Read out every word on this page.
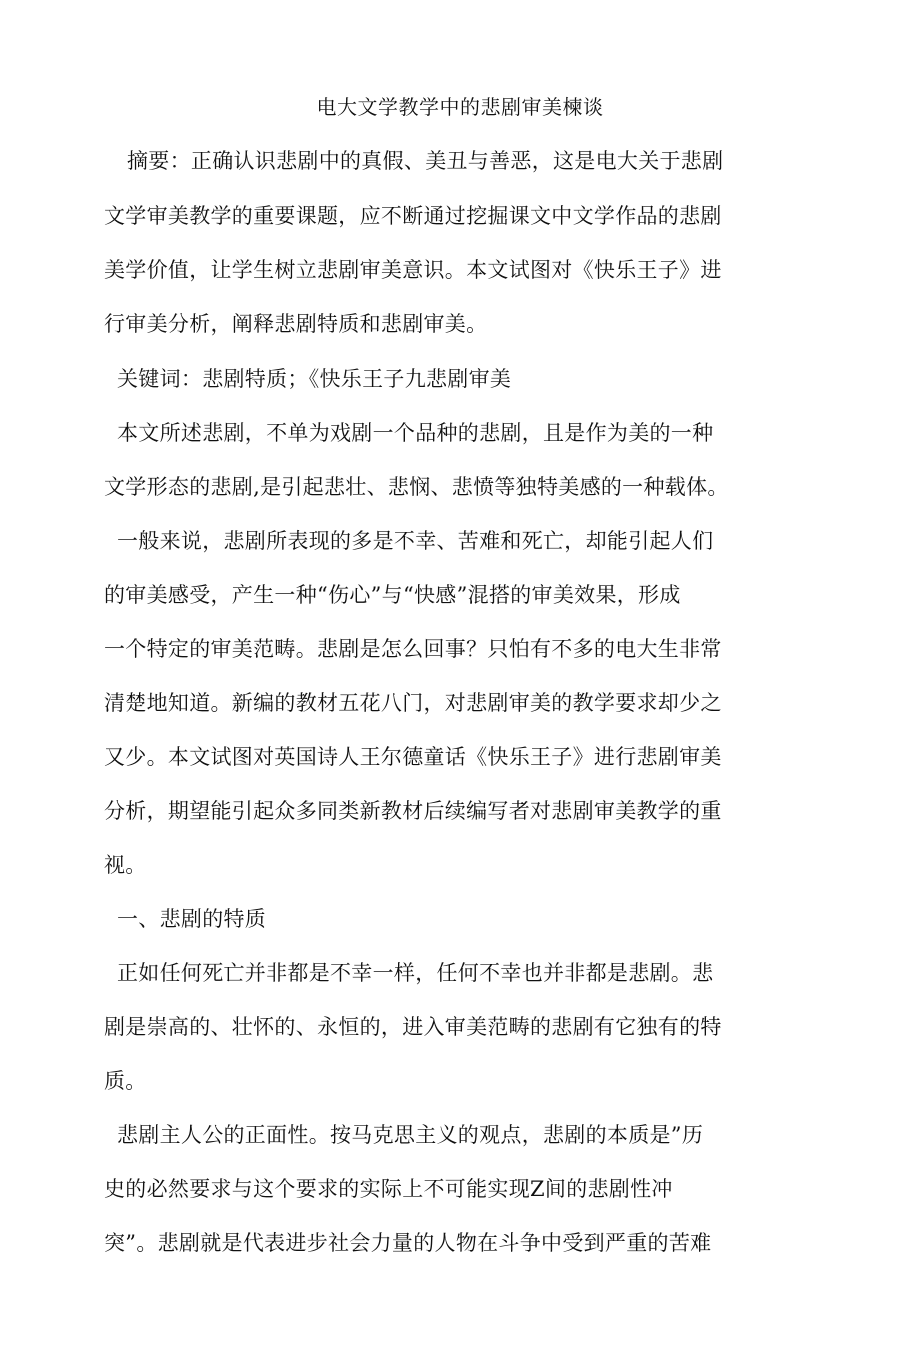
电大文学教学中的悲剧审美楝谈
摘要：正确认识悲剧中的真假、美丑与善恶，这是电大关于悲剧
文学审美教学的重要课题，应不断通过挖掘课文中文学作品的悲剧
美学价值，让学生树立悲剧审美意识。本文试图对《快乐王子》进
行审美分析，阐释悲剧特质和悲剧审美。
关键词：悲剧特质；《快乐王子九悲剧审美
本文所述悲剧，不单为戏剧一个品种的悲剧，且是作为美的一种
文学形态的悲剧,是引起悲壮、悲悯、悲愤等独特美感的一种载体。
一般来说，悲剧所表现的多是不幸、苦难和死亡，却能引起人们
的审美感受，产生一种“伤心”与“快感”混搭的审美效果，形成
一个特定的审美范畴。悲剧是怎么回事？只怕有不多的电大生非常
清楚地知道。新编的教材五花八门，对悲剧审美的教学要求却少之
又少。本文试图对英国诗人王尔德童话《快乐王子》进行悲剧审美
分析，期望能引起众多同类新教材后续编写者对悲剧审美教学的重
视。
一、悲剧的特质
正如任何死亡并非都是不幸一样，任何不幸也并非都是悲剧。悲
剧是崇高的、壮怀的、永恒的，进入审美范畴的悲剧有它独有的特
质。
悲剧主人公的正面性。按马克思主义的观点，悲剧的本质是”历
史的必然要求与这个要求的实际上不可能实现Z间的悲剧性冲
突”。悲剧就是代表进步社会力量的人物在斗争中受到严重的苦难
